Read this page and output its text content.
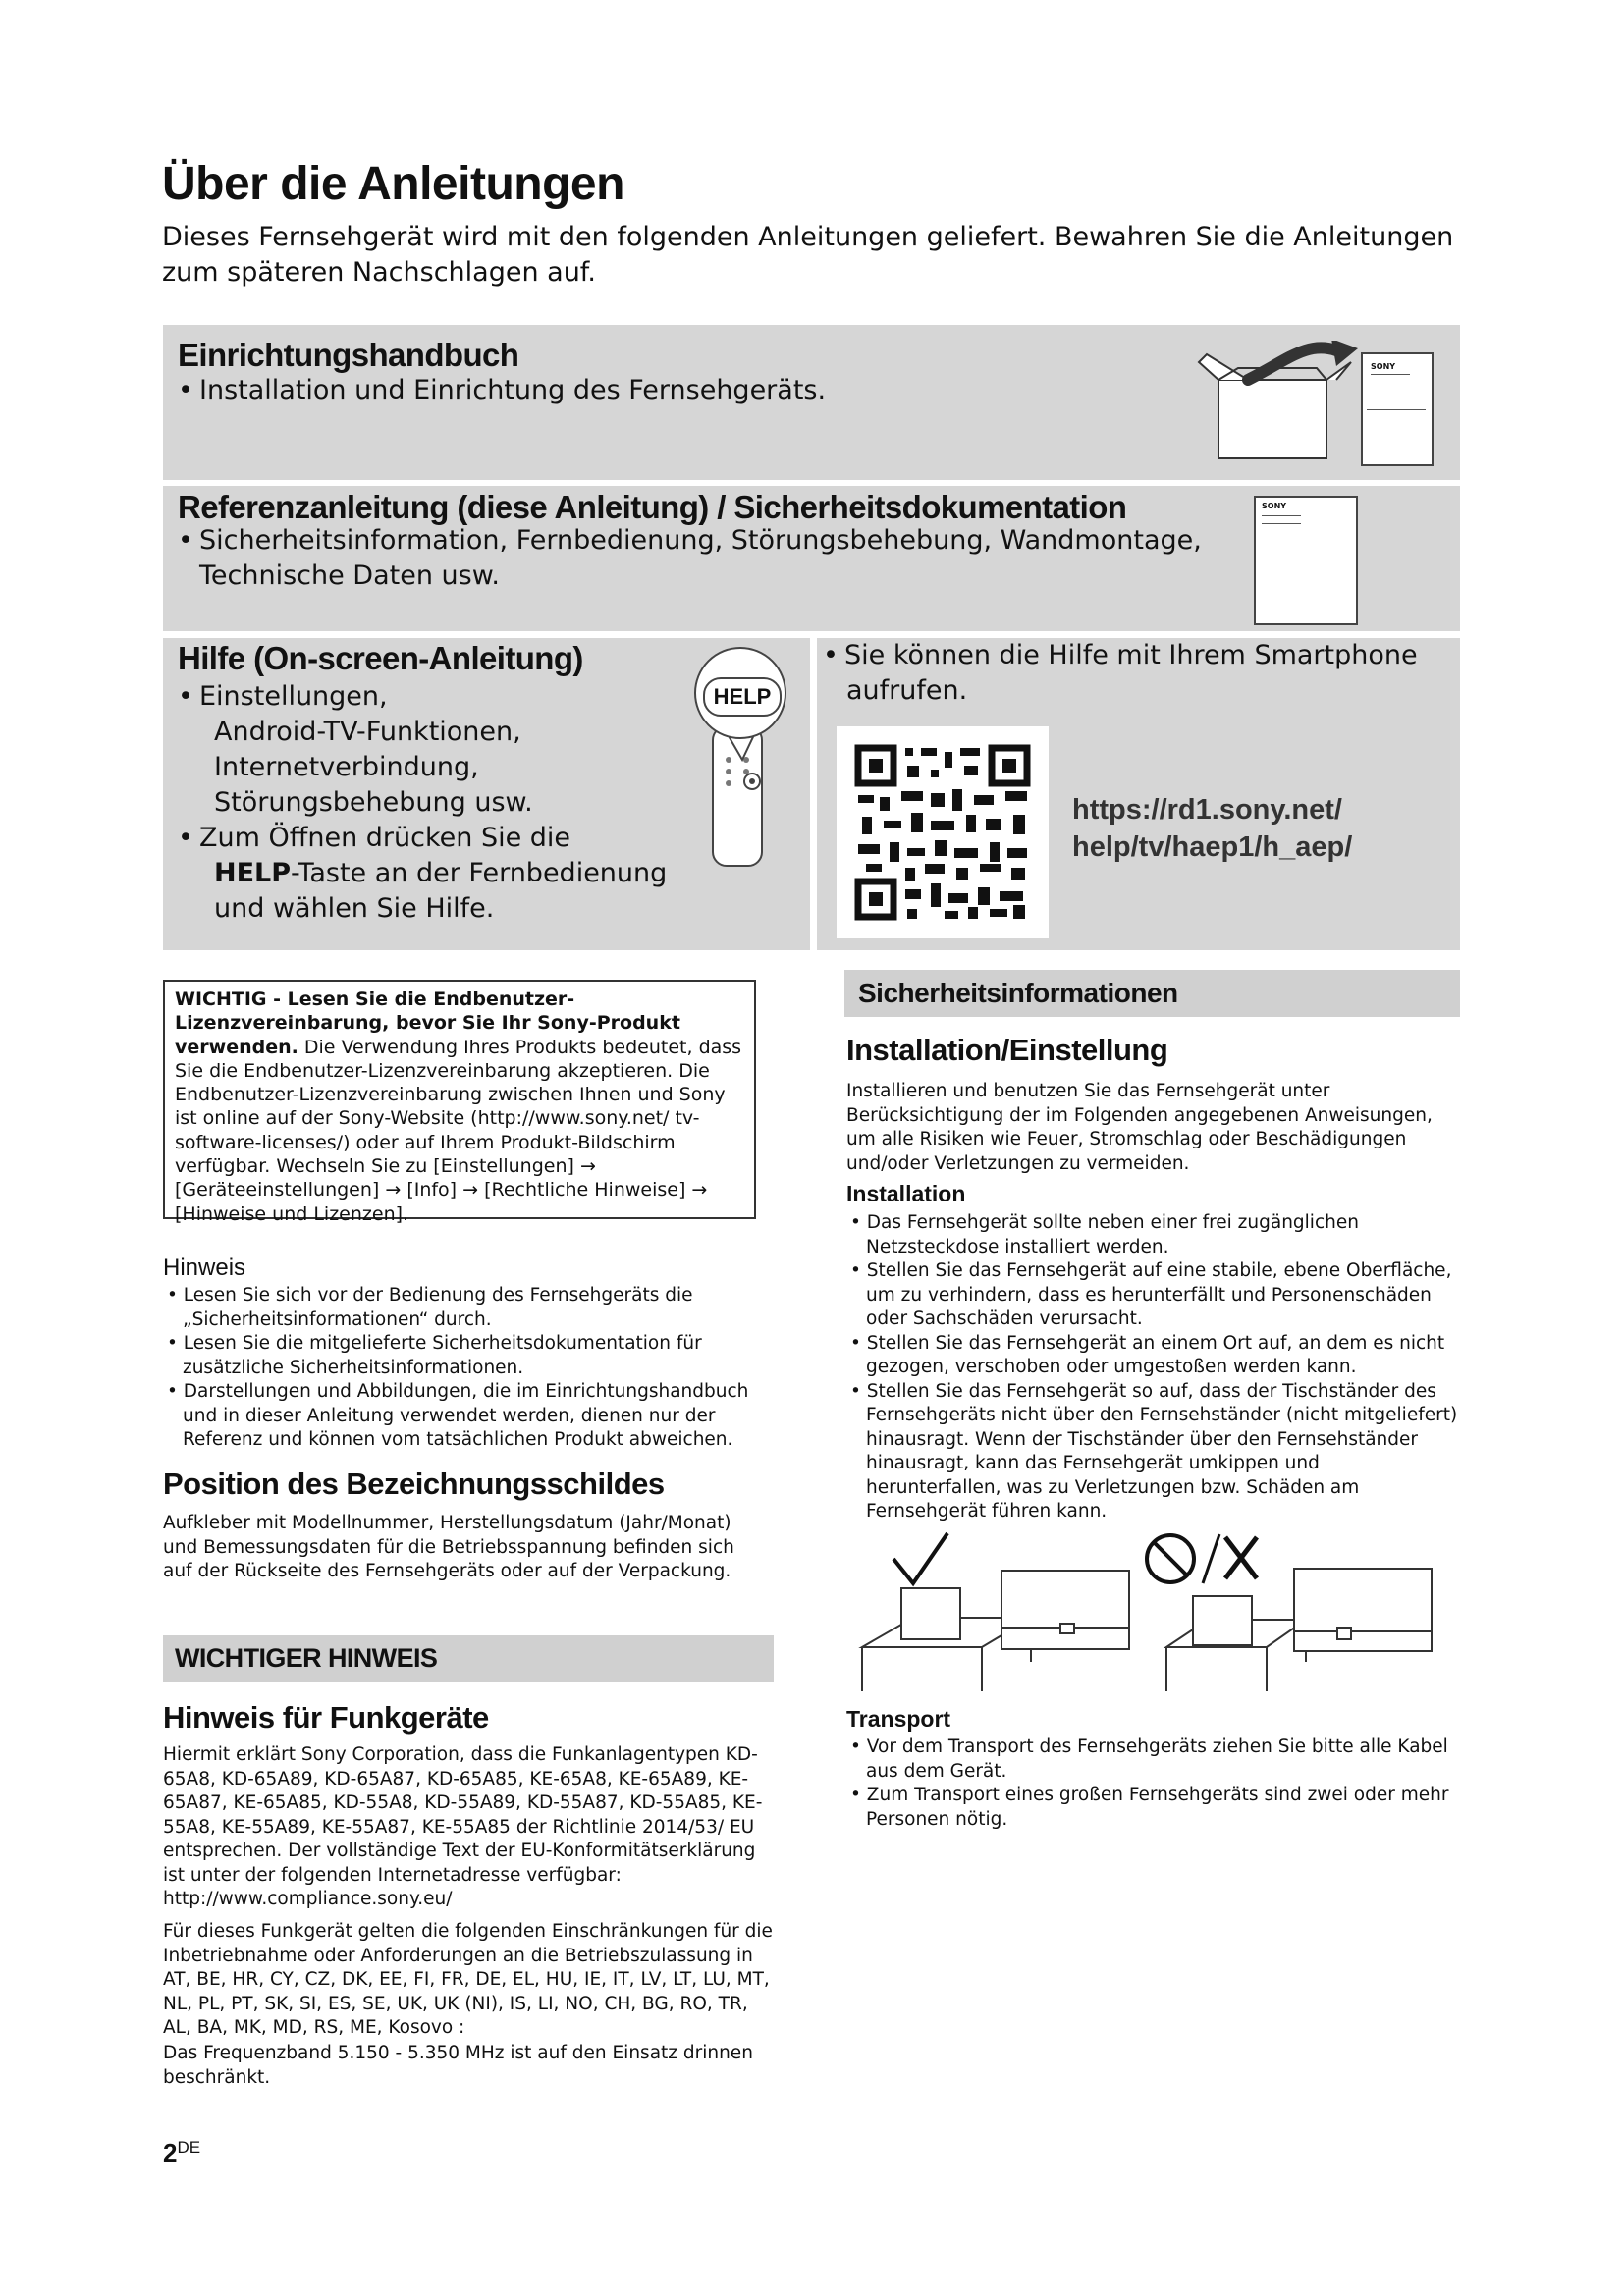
Über die Anleitungen
Dieses Fernsehgerät wird mit den folgenden Anleitungen geliefert. Bewahren Sie die Anleitungen zum späteren Nachschlagen auf.
Einrichtungshandbuch
• Installation und Einrichtung des Fernsehgeräts.
SONY
Referenzanleitung (diese Anleitung) / Sicherheitsdokumentation
• Sicherheitsinformation, Fernbedienung, Störungsbehebung, Wandmontage,
Technische Daten usw.
SONY
Hilfe (On-screen-Anleitung)
• Einstellungen,
Android-TV-Funktionen,
Internetverbindung,
Störungsbehebung usw.
• Zum Öffnen drücken Sie die
HELP-Taste an der Fernbedienung
und wählen Sie Hilfe.
HELP
• Sie können die Hilfe mit Ihrem Smartphone
aufrufen.
https://rd1.sony.net/
help/tv/haep1/h_aep/
WICHTIG - Lesen Sie die Endbenutzer-Lizenzvereinbarung, bevor Sie Ihr Sony-Produkt verwenden. Die Verwendung Ihres Produkts bedeutet, dass Sie die Endbenutzer-Lizenzvereinbarung akzeptieren. Die Endbenutzer-Lizenzvereinbarung zwischen Ihnen und Sony ist online auf der Sony-Website (http://www.sony.net/ tv-software-licenses/) oder auf Ihrem Produkt-Bildschirm verfügbar. Wechseln Sie zu [Einstellungen] → [Geräteeinstellungen] → [Info] → [Rechtliche Hinweise] → [Hinweise und Lizenzen].
Hinweis

• Lesen Sie sich vor der Bedienung des Fernsehgeräts die „Sicherheitsinformationen“ durch.

• Lesen Sie die mitgelieferte Sicherheitsdokumentation für zusätzliche Sicherheitsinformationen.

• Darstellungen und Abbildungen, die im Einrichtungshandbuch und in dieser Anleitung verwendet werden, dienen nur der Referenz und können vom tatsächlichen Produkt abweichen.

Position des Bezeichnungsschildes
Aufkleber mit Modellnummer, Herstellungsdatum (Jahr/Monat) und Bemessungsdaten für die Betriebsspannung befinden sich auf der Rückseite des Fernsehgeräts oder auf der Verpackung.
WICHTIGER HINWEIS
Hinweis für Funkgeräte
Hiermit erklärt Sony Corporation, dass die Funkanlagentypen KD-65A8, KD-65A89, KD-65A87, KD-65A85, KE-65A8, KE-65A89, KE-65A87, KE-65A85, KD-55A8, KD-55A89, KD-55A87, KD-55A85, KE-55A8, KE-55A89, KE-55A87, KE-55A85 der Richtlinie 2014/53/ EU entsprechen. Der vollständige Text der EU-Konformitätserklärung ist unter der folgenden Internetadresse verfügbar: http://www.compliance.sony.eu/
Für dieses Funkgerät gelten die folgenden Einschränkungen für die Inbetriebnahme oder Anforderungen an die Betriebszulassung in AT, BE, HR, CY, CZ, DK, EE, FI, FR, DE, EL, HU, IE, IT, LV, LT, LU, MT, NL, PL, PT, SK, SI, ES, SE, UK, UK (NI), IS, LI, NO, CH, BG, RO, TR, AL, BA, MK, MD, RS, ME, Kosovo :
Das Frequenzband 5.150 - 5.350 MHz ist auf den Einsatz drinnen beschränkt.
Sicherheitsinformationen
Installation/Einstellung
Installieren und benutzen Sie das Fernsehgerät unter Berücksichtigung der im Folgenden angegebenen Anweisungen, um alle Risiken wie Feuer, Stromschlag oder Beschädigungen und/oder Verletzungen zu vermeiden.
Installation

• Das Fernsehgerät sollte neben einer frei zugänglichen Netzsteckdose installiert werden.

• Stellen Sie das Fernsehgerät auf eine stabile, ebene Oberfläche, um zu verhindern, dass es herunterfällt und Personenschäden oder Sachschäden verursacht.

• Stellen Sie das Fernsehgerät an einem Ort auf, an dem es nicht gezogen, verschoben oder umgestoßen werden kann.

• Stellen Sie das Fernsehgerät so auf, dass der Tischständer des Fernsehgeräts nicht über den Fernsehständer (nicht mitgeliefert) hinausragt. Wenn der Tischständer über den Fernsehständer hinausragt, kann das Fernsehgerät umkippen und herunterfallen, was zu Verletzungen bzw. Schäden am Fernsehgerät führen kann.

Transport

• Vor dem Transport des Fernsehgeräts ziehen Sie bitte alle Kabel aus dem Gerät.

• Zum Transport eines großen Fernsehgeräts sind zwei oder mehr Personen nötig.

2DE
